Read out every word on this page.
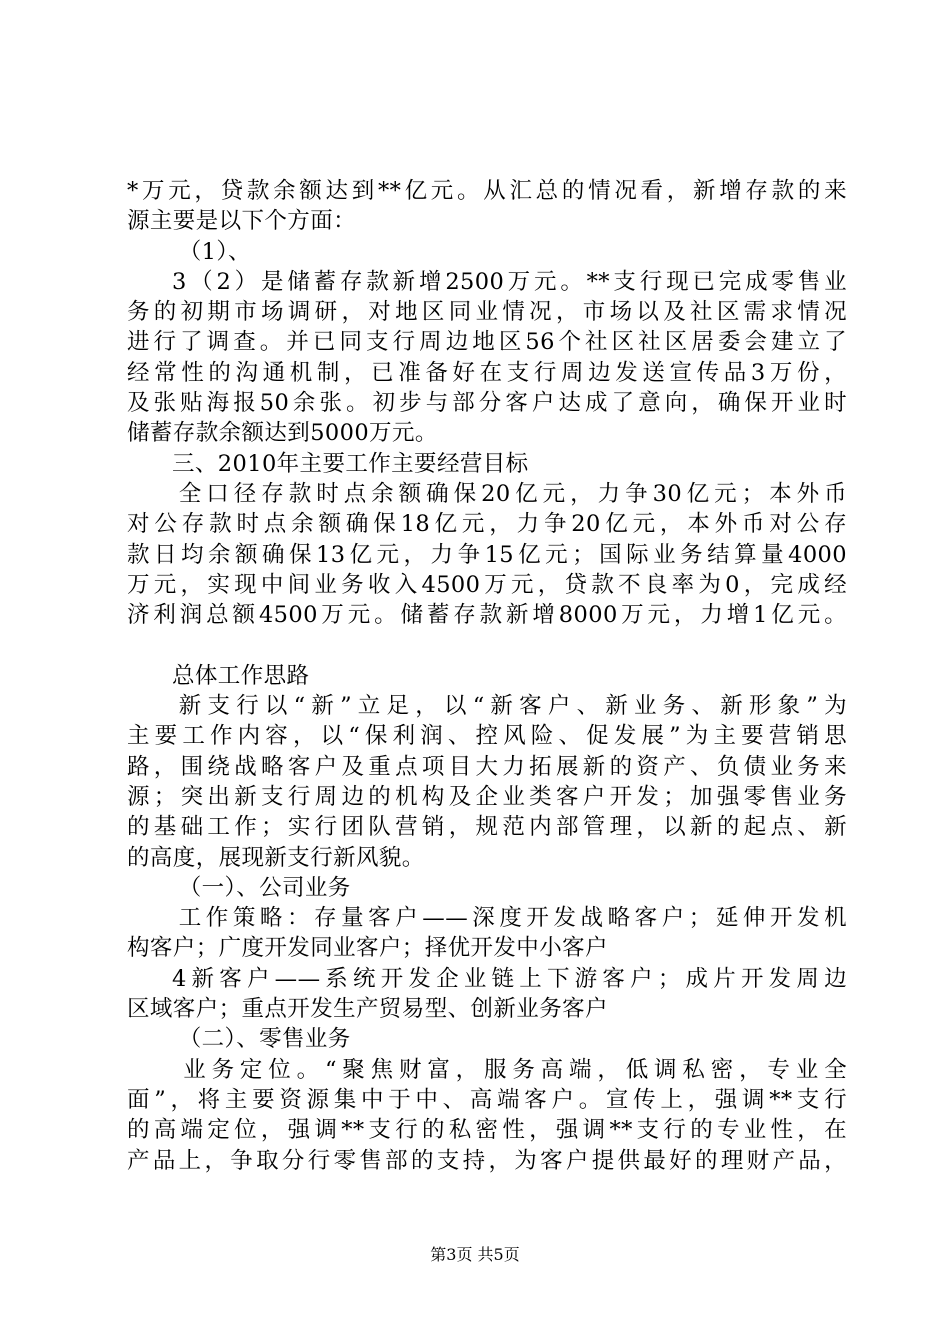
*万元，贷款余额达到**亿元。从汇总的情况看，新增存款的来
源主要是以下个方面：
（1）、
3（2）是储蓄存款新增2500万元。**支行现已完成零售业
务的初期市场调研，对地区同业情况，市场以及社区需求情况
进行了调查。并已同支行周边地区56个社区社区居委会建立了
经常性的沟通机制，已准备好在支行周边发送宣传品3万份，
及张贴海报50余张。初步与部分客户达成了意向，确保开业时
储蓄存款余额达到5000万元。
三、2010年主要工作主要经营目标
全口径存款时点余额确保20亿元，力争30亿元；本外币
对公存款时点余额确保18亿元，力争20亿元，本外币对公存
款日均余额确保13亿元，力争15亿元；国际业务结算量4000
万元，实现中间业务收入4500万元，贷款不良率为0，完成经
济利润总额4500万元。储蓄存款新增8000万元，力增1亿元。
总体工作思路
新支行以“新”立足，以“新客户、新业务、新形象”为
主要工作内容，以“保利润、控风险、促发展”为主要营销思
路，围绕战略客户及重点项目大力拓展新的资产、负债业务来
源；突出新支行周边的机构及企业类客户开发；加强零售业务
的基础工作；实行团队营销，规范内部管理，以新的起点、新
的高度，展现新支行新风貌。
（一）、公司业务
工作策略：存量客户——深度开发战略客户；延伸开发机
构客户；广度开发同业客户；择优开发中小客户
4新客户——系统开发企业链上下游客户；成片开发周边
区域客户；重点开发生产贸易型、创新业务客户
（二）、零售业务
业务定位。“聚焦财富，服务高端，低调私密，专业全
面”，将主要资源集中于中、高端客户。宣传上，强调**支行
的高端定位，强调**支行的私密性，强调**支行的专业性，在
产品上，争取分行零售部的支持，为客户提供最好的理财产品，
第3页 共5页
